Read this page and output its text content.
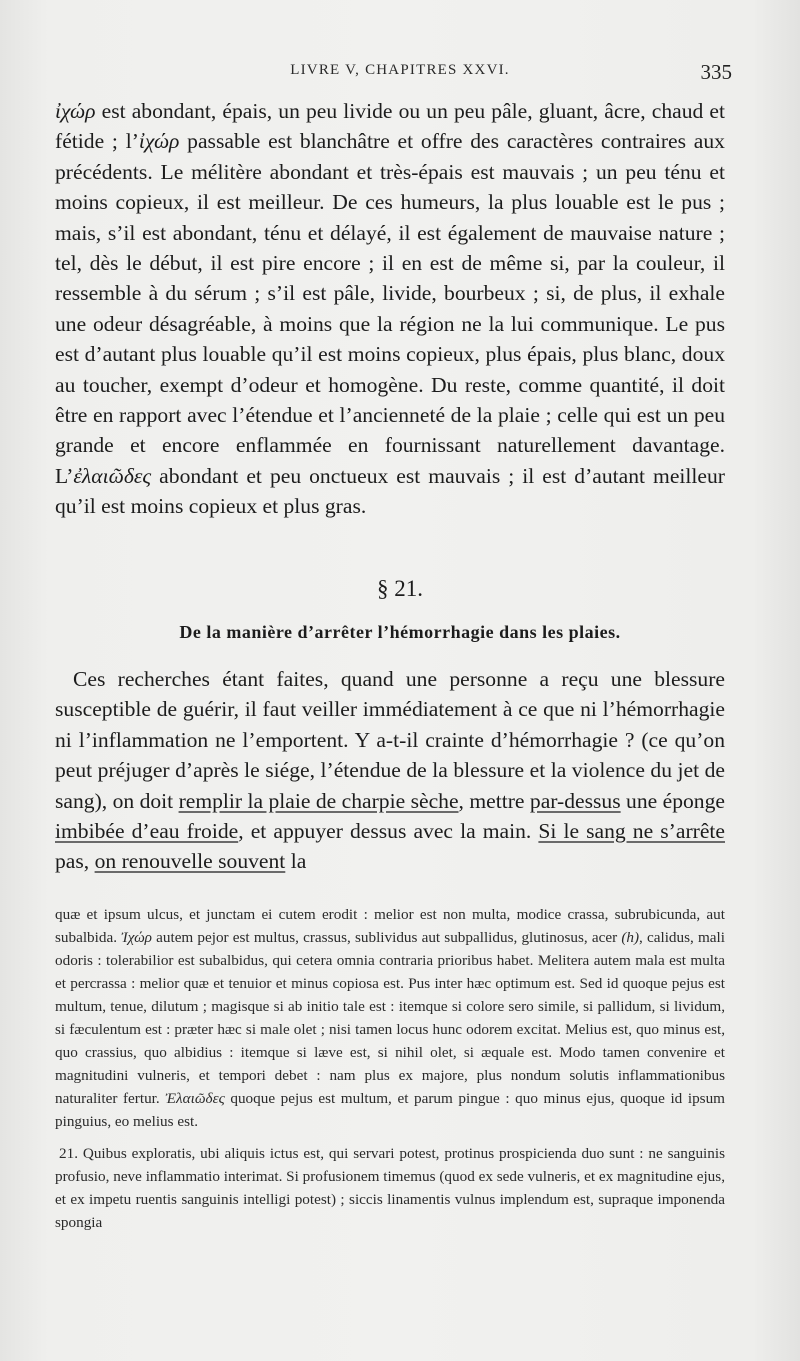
LIVRE V, CHAPITRES XXVI.	335

ἰχώρ est abondant, épais, un peu livide ou un peu pâle, gluant, âcre, chaud et fétide ; l’ἰχώρ passable est blanchâtre et offre des caractères contraires aux précédents. Le mélitère abondant et très-épais est mauvais ; un peu ténu et moins copieux, il est meilleur. De ces humeurs, la plus louable est le pus ; mais, s’il est abondant, ténu et délayé, il est également de mauvaise nature ; tel, dès le début, il est pire encore ; il en est de même si, par la couleur, il ressemble à du sérum ; s’il est pâle, livide, bourbeux ; si, de plus, il exhale une odeur désagréable, à moins que la région ne la lui communique. Le pus est d’autant plus louable qu’il est moins copieux, plus épais, plus blanc, doux au toucher, exempt d’odeur et homogène. Du reste, comme quantité, il doit être en rapport avec l’étendue et l’ancienneté de la plaie ; celle qui est un peu grande et encore enflammée en fournissant naturellement davantage. L’ἐλαιῶδες abondant et peu onctueux est mauvais ; il est d’autant meilleur qu’il est moins copieux et plus gras.

§ 21.
De la manière d’arrêter l’hémorrhagie dans les plaies.

Ces recherches étant faites, quand une personne a reçu une blessure susceptible de guérir, il faut veiller immédiatement à ce que ni l’hémorrhagie ni l’inflammation ne l’emportent. Y a-t-il crainte d’hémorrhagie ? (ce qu’on peut préjuger d’après le siége, l’étendue de la blessure et la violence du jet de sang), on doit remplir la plaie de charpie sèche, mettre par-dessus une éponge imbibée d’eau froide, et appuyer dessus avec la main. Si le sang ne s’arrête pas, on renouvelle souvent la

quæ et ipsum ulcus, et junctam ei cutem erodit : melior est non multa, modice crassa, subrubicunda, aut subalbida. Ἰχώρ autem pejor est multus, crassus, sublividus aut subpallidus, glutinosus, acer (h), calidus, mali odoris : tolerabilior est subalbidus, qui cetera omnia contraria prioribus habet. Melitera autem mala est multa et percrassa : melior quæ et tenuior et minus copiosa est. Pus inter hæc optimum est. Sed id quoque pejus est multum, tenue, dilutum ; magisque si ab initio tale est : itemque si colore sero simile, si pallidum, si lividum, si fæculentum est : præter hæc si male olet ; nisi tamen locus hunc odorem excitat. Melius est, quo minus est, quo crassius, quo albidius : itemque si læve est, si nihil olet, si æquale est. Modo tamen convenire et magnitudini vulneris, et tempori debet : nam plus ex majore, plus nondum solutis inflammationibus naturaliter fertur. Ἐλαιῶδες quoque pejus est multum, et parum pingue : quo minus ejus, quoque id ipsum pinguius, eo melius est.

21. Quibus exploratis, ubi aliquis ictus est, qui servari potest, protinus prospicienda duo sunt : ne sanguinis profusio, neve inflammatio interimat. Si profusionem timemus (quod ex sede vulneris, et ex magnitudine ejus, et ex impetu ruentis sanguinis intelligi potest) ; siccis linamentis vulnus implendum est, supraque imponenda spongia
